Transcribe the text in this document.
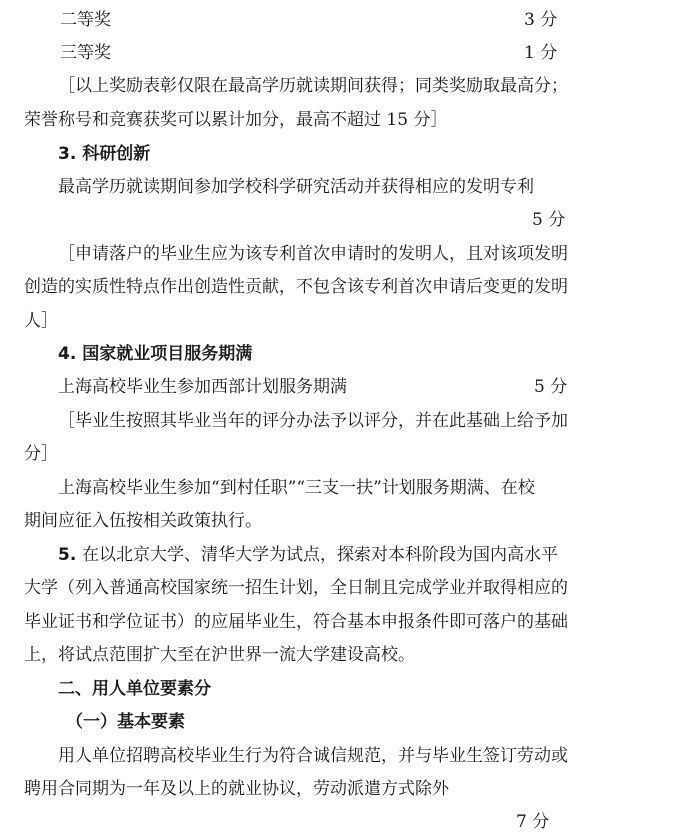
二等奖	3 分
三等奖	1 分
［以上奖励表彰仅限在最高学历就读期间获得；同类奖励取最高分；
荣誉称号和竞赛获奖可以累计加分，最高不超过 15 分］
3. 科研创新
最高学历就读期间参加学校科学研究活动并获得相应的发明专利
5 分
［申请落户的毕业生应为该专利首次申请时的发明人，且对该项发明
创造的实质性特点作出创造性贡献，不包含该专利首次申请后变更的发明
人］
4. 国家就业项目服务期满
上海高校毕业生参加西部计划服务期满	5 分
［毕业生按照其毕业当年的评分办法予以评分，并在此基础上给予加
分］
上海高校毕业生参加“到村任职”“三支一扶”计划服务期满、在校
期间应征入伍按相关政策执行。
5. 在以北京大学、清华大学为试点，探索对本科阶段为国内高水平
大学（列入普通高校国家统一招生计划，全日制且完成学业并取得相应的
毕业证书和学位证书）的应届毕业生，符合基本申报条件即可落户的基础
上，将试点范围扩大至在沪世界一流大学建设高校。
二、用人单位要素分
（一）基本要素
用人单位招聘高校毕业生行为符合诚信规范，并与毕业生签订劳动或
聘用合同期为一年及以上的就业协议，劳动派遣方式除外
7 分
